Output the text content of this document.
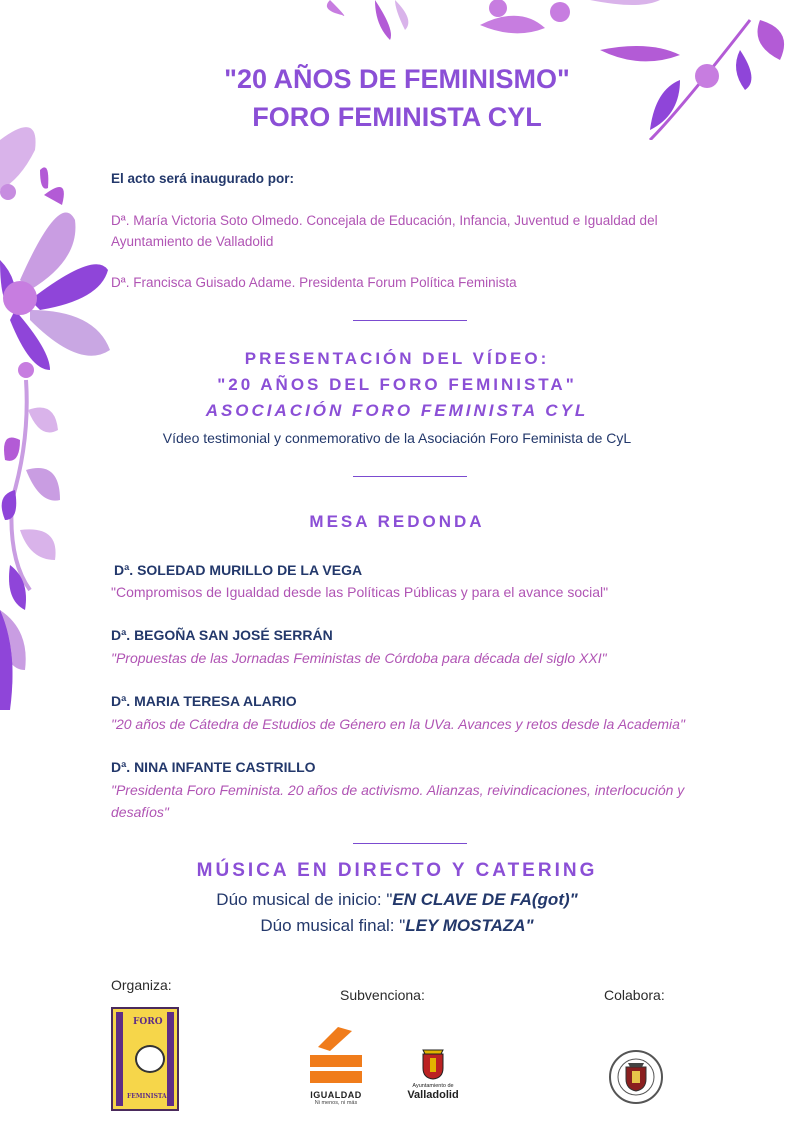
"20 AÑOS DE FEMINISMO"
FORO FEMINISTA CYL
El acto será inaugurado por:
Dª. María Victoria Soto Olmedo. Concejala de Educación, Infancia, Juventud e Igualdad del
Ayuntamiento de Valladolid
Dª. Francisca Guisado Adame. Presidenta Forum Política Feminista
PRESENTACIÓN DEL VÍDEO:
"20 AÑOS DEL FORO FEMINISTA"
ASOCIACIÓN FORO FEMINISTA CYL
Vídeo testimonial y conmemorativo de la Asociación Foro Feminista de CyL
MESA REDONDA
Dª. SOLEDAD MURILLO DE LA VEGA
"Compromisos de Igualdad desde las Políticas Públicas y para el avance social"
Dª. BEGOÑA SAN JOSÉ SERRÁN
"Propuestas de las Jornadas Feministas de Córdoba para década del siglo XXI"
Dª. MARIA TERESA ALARIO
"20 años de Cátedra de Estudios de Género en la UVa. Avances y retos desde la Academia"
Dª. NINA INFANTE CASTRILLO
"Presidenta Foro Feminista. 20 años de activismo. Alianzas, reivindicaciones, interlocución y
desafíos"
MÚSICA EN DIRECTO Y CATERING
Dúo musical de inicio: "EN CLAVE DE FA(got)"
Dúo musical final: "LEY MOSTAZA"
Organiza:
Subvenciona:	Colabora:
FORO
FEMINISTA	IGUALDAD
Ni menos, ni más
Ayuntamiento de
Valladolid
